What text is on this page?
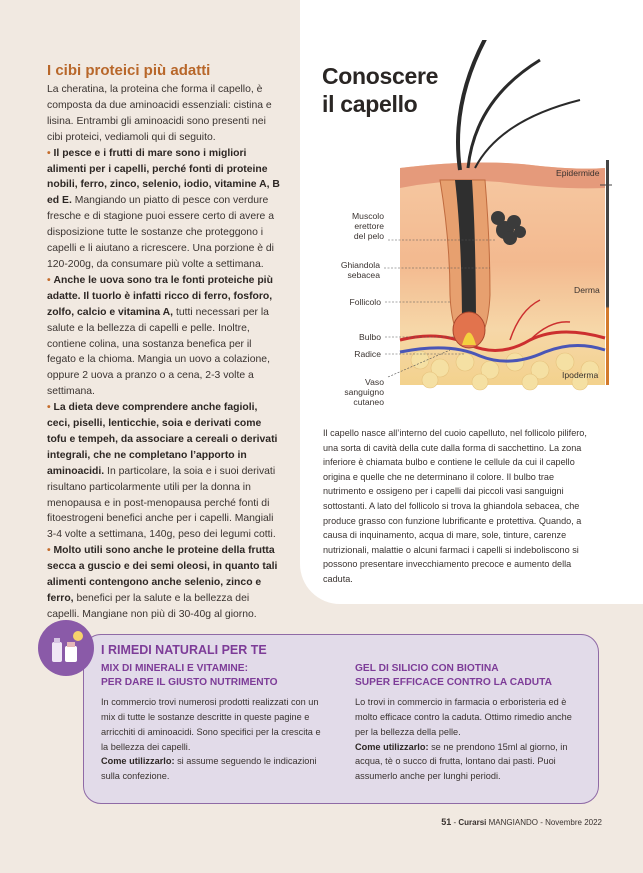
I cibi proteici più adatti

La cheratina, la proteina che forma il capello, è composta da due aminoacidi essenziali: cistina e lisina. Entrambi gli aminoacidi sono presenti nei cibi proteici, vediamoli qui di seguito.

• Il pesce e i frutti di mare sono i migliori alimenti per i capelli, perché fonti di proteine nobili, ferro, zinco, selenio, iodio, vitamine A, B ed E. Mangiando un piatto di pesce con verdure fresche e di stagione puoi essere certo di avere a disposizione tutte le sostanze che proteggono i capelli e li aiutano a ricrescere. Una porzione è di 120-200g, da consumare più volte a settimana.

• Anche le uova sono tra le fonti proteiche più adatte. Il tuorlo è infatti ricco di ferro, fosforo, zolfo, calcio e vitamina A, tutti necessari per la salute e la bellezza di capelli e pelle. Inoltre, contiene colina, una sostanza benefica per il fegato e la chioma. Mangia un uovo a colazione, oppure 2 uova a pranzo o a cena, 2-3 volte a settimana.

• La dieta deve comprendere anche fagioli, ceci, piselli, lenticchie, soia e derivati come tofu e tempeh, da associare a cereali o derivati integrali, che ne completano l’apporto in aminoacidi. In particolare, la soia e i suoi derivati risultano particolarmente utili per la donna in menopausa e in post-menopausa perché fonti di fitoestrogeni benefici anche per i capelli. Mangiali 3-4 volte a settimana, 140g, peso dei legumi cotti.

• Molto utili sono anche le proteine della frutta secca a guscio e dei semi oleosi, in quanto tali alimenti contengono anche selenio, zinco e ferro, benefici per la salute e la bellezza dei capelli. Mangiane non più di 30-40g al giorno.

Conoscere
il capello
Muscolo
erettore
del pelo
Ghiandola
sebacea
Follicolo
Bulbo
Radice
Vaso
sanguigno
cutaneo
Epidermide
Derma
Ipoderma
Il capello nasce all’interno del cuoio capelluto, nel follicolo pilifero, una sorta di cavità della cute dalla forma di sacchettino. La zona inferiore è chiamata bulbo e contiene le cellule da cui il capello origina e quelle che ne determinano il colore. Il bulbo trae nutrimento e ossigeno per i capelli dai piccoli vasi sanguigni sottostanti. A lato del follicolo si trova la ghiandola sebacea, che produce grasso con funzione lubrificante e protettiva. Quando, a causa di inquinamento, acqua di mare, sole, tinture, carenze nutrizionali, malattie o alcuni farmaci i capelli si indeboliscono si possono presentare invecchiamento precoce e aumento della caduta.
I RIMEDI NATURALI PER TE
MIX DI MINERALI E VITAMINE:
PER DARE IL GIUSTO NUTRIMENTO
In commercio trovi numerosi prodotti realizzati con un mix di tutte le sostanze descritte in queste pagine e arricchiti di aminoacidi. Sono specifici per la crescita e la bellezza dei capelli.
Come utilizzarlo: si assume seguendo le indicazioni sulla confezione.
GEL DI SILICIO CON BIOTINA
SUPER EFFICACE CONTRO LA CADUTA
Lo trovi in commercio in farmacia o erboristeria ed è molto efficace contro la caduta. Ottimo rimedio anche per la bellezza della pelle.
Come utilizzarlo: se ne prendono 15ml al giorno, in acqua, tè o succo di frutta, lontano dai pasti. Puoi assumerlo anche per lunghi periodi.
51 - Curarsi MANGIANDO - Novembre 2022
